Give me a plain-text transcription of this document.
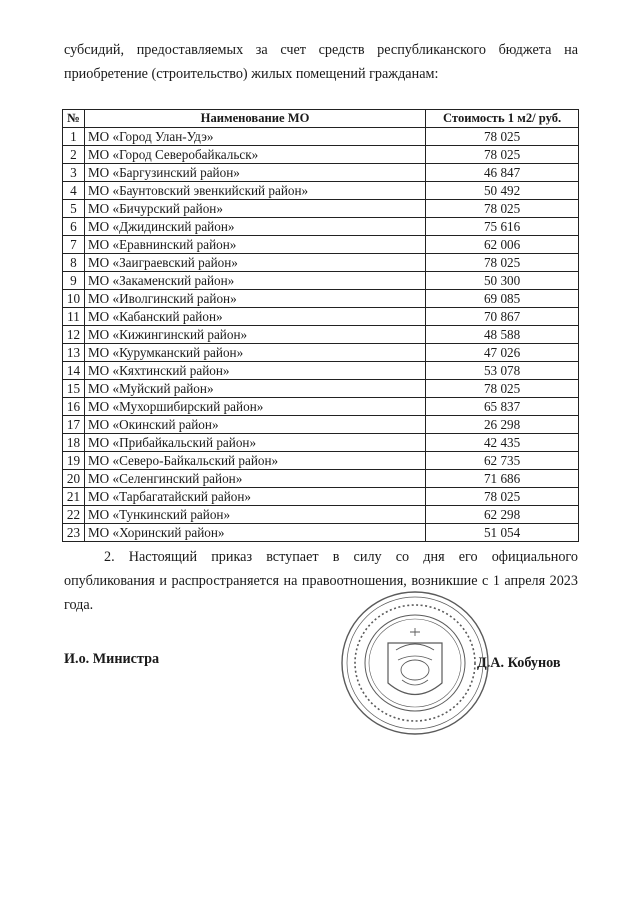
субсидий, предоставляемых за счет средств республиканского бюджета на
приобретение (строительство) жилых помещений гражданам:
№	Наименование МО	Стоимость 1 м2/ руб.
1	МО «Город Улан-Удэ»	78 025
2	МО «Город Северобайкальск»	78 025
3	МО «Баргузинский район»	46 847
4	МО «Баунтовский эвенкийский район»	50 492
5	МО «Бичурский район»	78 025
6	МО «Джидинский район»	75 616
7	МО «Еравнинский район»	62 006
8	МО «Заиграевский район»	78 025
9	МО «Закаменский район»	50 300
10	МО «Иволгинский район»	69 085
11	МО «Кабанский район»	70 867
12	МО «Кижингинский район»	48 588
13	МО «Курумканский район»	47 026
14	МО «Кяхтинский район»	53 078
15	МО «Муйский район»	78 025
16	МО «Мухоршибирский район»	65 837
17	МО «Окинский район»	26 298
18	МО «Прибайкальский район»	42 435
19	МО «Северо-Байкальский район»	62 735
20	МО «Селенгинский район»	71 686
21	МО «Тарбагатайский район»	78 025
22	МО «Тункинский район»	62 298
23	МО «Хоринский район»	51 054
2. Настоящий приказ вступает в силу со дня его официального
опубликования и распространяется на правоотношения, возникшие с 1 апреля 2023
года.
И.о. Министра	Д.А. Кобунов
